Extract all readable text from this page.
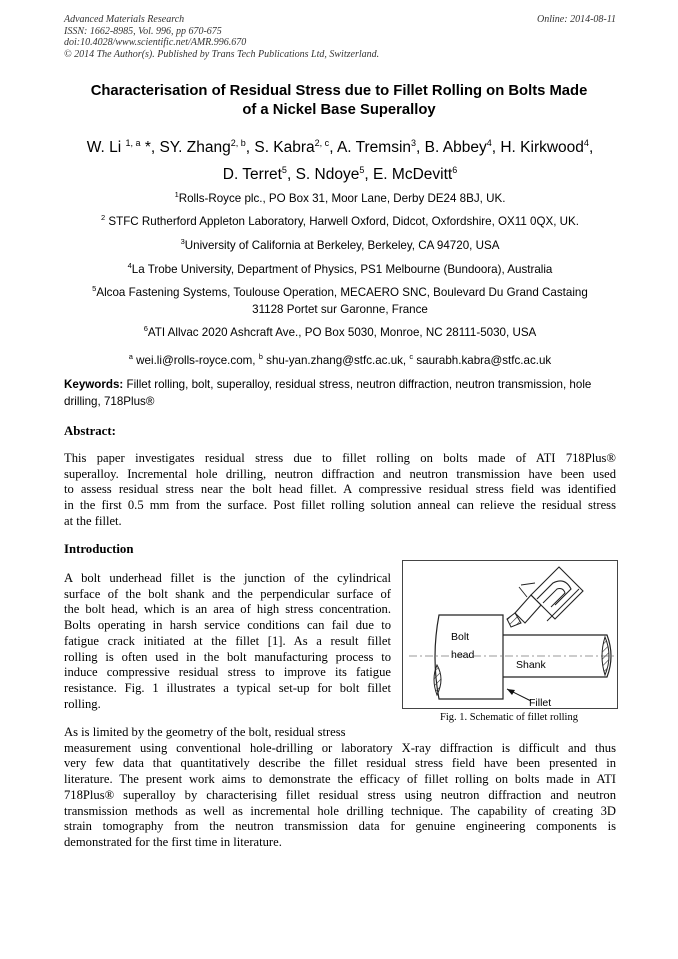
Advanced Materials Research
ISSN: 1662-8985, Vol. 996, pp 670-675
doi:10.4028/www.scientific.net/AMR.996.670
© 2014 The Author(s). Published by Trans Tech Publications Ltd, Switzerland.
Online: 2014-08-11
Characterisation of Residual Stress due to Fillet Rolling on Bolts Made
of a Nickel Base Superalloy
W. Li $^{1, a}$ *, SY. Zhang$^{2, b}$, S. Kabra$^{2, c}$, A. Tremsin$^3$, B. Abbey$^4$, H. Kirkwood$^4$,
D. Terret$^5$, S. Ndoye$^5$, E. McDevitt$^6$
$^1$Rolls-Royce plc., PO Box 31, Moor Lane, Derby DE24 8BJ, UK.
$^2$ STFC Rutherford Appleton Laboratory, Harwell Oxford, Didcot, Oxfordshire, OX11 0QX, UK.
$^3$University of California at Berkeley, Berkeley, CA 94720, USA
$^4$La Trobe University, Department of Physics, PS1 Melbourne (Bundoora), Australia
$^5$Alcoa Fastening Systems, Toulouse Operation, MECAERO SNC, Boulevard Du Grand Castaing
31128 Portet sur Garonne, France
$^6$ATI Allvac 2020 Ashcraft Ave., PO Box 5030, Monroe, NC 28111-5030, USA
$^a$ wei.li@rolls-royce.com, $^b$ shu-yan.zhang@stfc.ac.uk, $^c$ saurabh.kabra@stfc.ac.uk
Keywords: Fillet rolling, bolt, superalloy, residual stress, neutron diffraction, neutron transmission, hole drilling, 718Plus®
Abstract:
This paper investigates residual stress due to fillet rolling on bolts made of ATI 718Plus®
superalloy. Incremental hole drilling, neutron diffraction and neutron transmission have been used
to assess residual stress near the bolt head fillet. A compressive residual stress field was identified
in the first 0.5 mm from the surface. Post fillet rolling solution anneal can relieve the residual stress
at the fillet.
Introduction
A bolt underhead fillet is the junction of the cylindrical
surface of the bolt shank and the perpendicular surface of
the bolt head, which is an area of high stress concentration.
Bolts operating in harsh service conditions can fail due to
fatigue crack initiated at the fillet [1]. As a result fillet
rolling is often used in the bolt manufacturing process to
induce compressive residual stress to improve its fatigue
resistance. Fig. 1 illustrates a typical set-up for bolt fillet
rolling.
As is limited by the geometry of the bolt, residual stress
measurement using conventional hole-drilling or laboratory X-ray diffraction is difficult and thus
very few data that quantitatively describe the fillet residual stress field have been presented in
literature. The present work aims to demonstrate the efficacy of fillet rolling on bolts made in ATI
718Plus® superalloy by characterising fillet residual stress using neutron diffraction and neutron
transmission methods as well as incremental hole drilling technique. The capability of creating 3D
strain tomography from the neutron transmission data for genuine engineering components is
demonstrated for the first time in literature.
Bolt
head
Shank
Fillet
Fig. 1. Schematic of fillet rolling
